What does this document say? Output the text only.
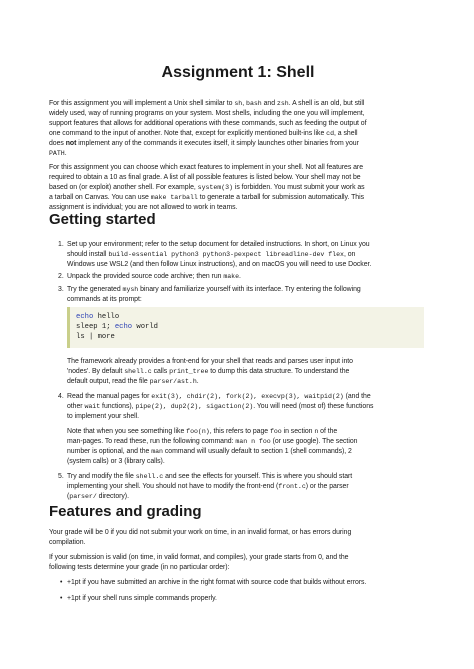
Assignment 1: Shell
For this assignment you will implement a Unix shell similar to sh, bash and zsh. A shell is an old, but still
widely used, way of running programs on your system. Most shells, including the one you will implement,
support features that allows for additional operations with these commands, such as feeding the output of
one command to the input of another. Note that, except for explicitly mentioned built-ins like cd, a shell
does not implement any of the commands it executes itself, it simply launches other binaries from your
PATH.
For this assignment you can choose which exact features to implement in your shell. Not all features are
required to obtain a 10 as final grade. A list of all possible features is listed below. Your shell may not be
based on (or exploit) another shell. For example, system(3) is forbidden. You must submit your work as
a tarball on Canvas. You can use make tarball to generate a tarball for submission automatically. This
assignment is individual; you are not allowed to work in teams.
Getting started
1. Set up your environment; refer to the setup document for detailed instructions. In short, on Linux you
should install build-essential python3 python3-pexpect libreadline-dev flex, on
Windows use WSL2 (and then follow Linux instructions), and on macOS you will need to use Docker.
2. Unpack the provided source code archive; then run make.
3. Try the generated mysh binary and familiarize yourself with its interface. Try entering the following
commands at its prompt:
echo hello
sleep 1; echo world
ls | more
The framework already provides a front-end for your shell that reads and parses user input into
'nodes'. By default shell.c calls print_tree to dump this data structure. To understand the
default output, read the file parser/ast.h.
4. Read the manual pages for exit(3), chdir(2), fork(2), execvp(3), waitpid(2) (and the
other wait functions), pipe(2), dup2(2), sigaction(2). You will need (most of) these functions
to implement your shell.
Note that when you see something like foo(n), this refers to page foo in section n of the
man-pages. To read these, run the following command: man n foo (or use google). The section
number is optional, and the man command will usually default to section 1 (shell commands), 2
(system calls) or 3 (library calls).
5. Try and modify the file shell.c and see the effects for yourself. This is where you should start
implementing your shell. You should not have to modify the front-end (front.c) or the parser
(parser/ directory).
Features and grading
Your grade will be 0 if you did not submit your work on time, in an invalid format, or has errors during
compilation.
If your submission is valid (on time, in valid format, and compiles), your grade starts from 0, and the
following tests determine your grade (in no particular order):
• +1pt if you have submitted an archive in the right format with source code that builds without errors.
• +1pt if your shell runs simple commands properly.
